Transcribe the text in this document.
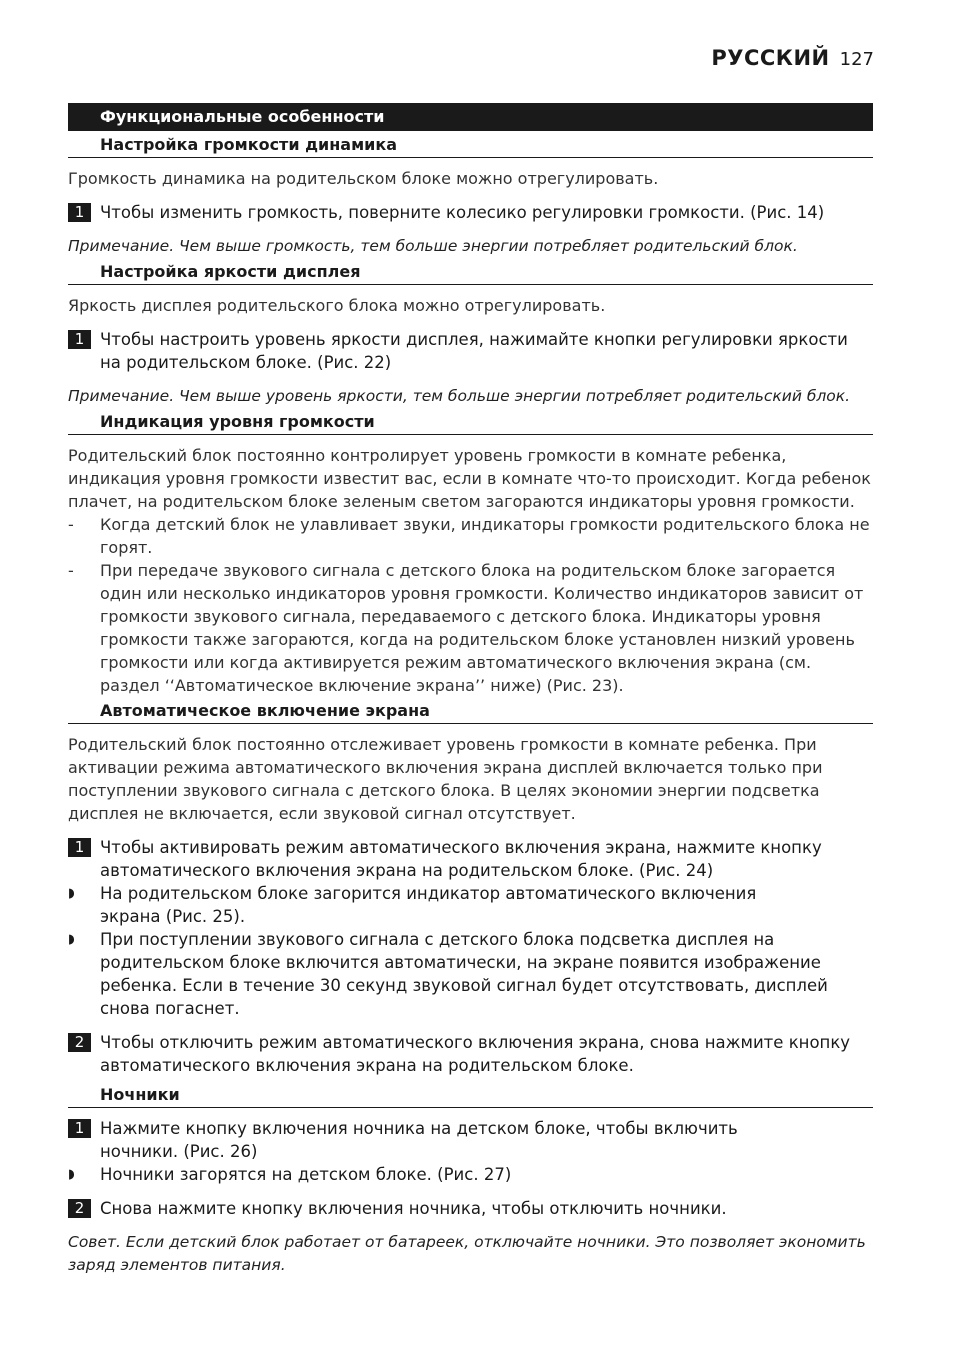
РУССКИЙ 127
Функциональные особенности
Настройка громкости динамика
Громкость динамика на родительском блоке можно отрегулировать.
1 Чтобы изменить громкость, поверните колесико регулировки громкости. (Рис. 14)
Примечание. Чем выше громкость, тем больше энергии потребляет родительский блок.
Настройка яркости дисплея
Яркость дисплея родительского блока можно отрегулировать.
1 Чтобы настроить уровень яркости дисплея, нажимайте кнопки регулировки яркости на родительском блоке. (Рис. 22)
Примечание. Чем выше уровень яркости, тем больше энергии потребляет родительский блок.
Индикация уровня громкости
Родительский блок постоянно контролирует уровень громкости в комнате ребенка, индикация уровня громкости известит вас, если в комнате что-то происходит. Когда ребенок плачет, на родительском блоке зеленым светом загораются индикаторы уровня громкости.
-	Когда детский блок не улавливает звуки, индикаторы громкости родительского блока не горят.
-	При передаче звукового сигнала с детского блока на родительском блоке загорается один или несколько индикаторов уровня громкости. Количество индикаторов зависит от громкости звукового сигнала, передаваемого с детского блока. Индикаторы уровня громкости также загораются, когда на родительском блоке установлен низкий уровень громкости или когда активируется режим автоматического включения экрана (см. раздел ‘‘Автоматическое включение экрана’’ ниже) (Рис. 23).
Автоматическое включение экрана
Родительский блок постоянно отслеживает уровень громкости в комнате ребенка. При активации режима автоматического включения экрана дисплей включается только при поступлении звукового сигнала с детского блока. В целях экономии энергии подсветка дисплея не включается, если звуковой сигнал отсутствует.
1 Чтобы активировать режим автоматического включения экрана, нажмите кнопку автоматического включения экрана на родительском блоке. (Рис. 24)
◗	На родительском блоке загорится индикатор автоматического включения экрана (Рис. 25).
◗	При поступлении звукового сигнала с детского блока подсветка дисплея на родительском блоке включится автоматически, на экране появится изображение ребенка. Если в течение 30 секунд звуковой сигнал будет отсутствовать, дисплей снова погаснет.
2 Чтобы отключить режим автоматического включения экрана, снова нажмите кнопку автоматического включения экрана на родительском блоке.
Ночники
1 Нажмите кнопку включения ночника на детском блоке, чтобы включить ночники. (Рис. 26)
◗	Ночники загорятся на детском блоке. (Рис. 27)
2 Снова нажмите кнопку включения ночника, чтобы отключить ночники.
Совет. Если детский блок работает от батареек, отключайте ночники. Это позволяет экономить заряд элементов питания.
